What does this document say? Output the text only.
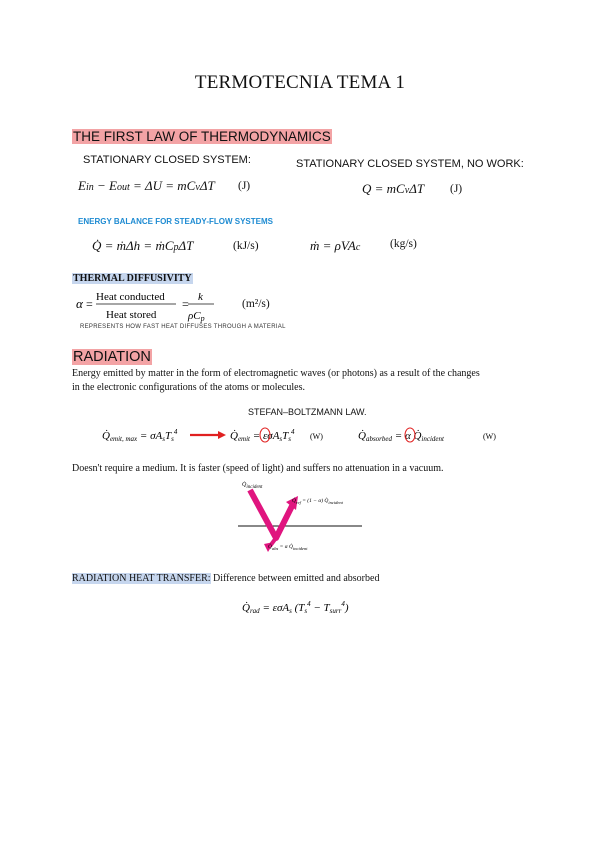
TERMOTECNIA TEMA 1
THE FIRST LAW OF THERMODYNAMICS
STATIONARY CLOSED SYSTEM:	STATIONARY CLOSED SYSTEM, NO WORK:
Ein − Eout = ΔU = mCvΔT (J)	Q = mCvΔT (J)
ENERGY BALANCE FOR STEADY-FLOW SYSTEMS
Q̇ = ṁΔh = ṁCpΔT	(kJ/s)	ṁ = ρVAc	(kg/s)
THERMAL DIFFUSIVITY
α = Heat conducted
Heat stored
= k
ρCp
(m²/s)
REPRESENTS HOW FAST HEAT DIFFUSES THROUGH A MATERIAL
RADIATION
Energy emitted by matter in the form of electromagnetic waves (or photons) as a result of the changes
in the electronic configurations of the atoms or molecules.
STEFAN–BOLTZMANN LAW.
Q̇emit, max = σAsTs$^4$	Q̇emit = εσAsTs$^4$ (W)	Q̇absorbed = α Q̇incident	(W)
Doesn't require a medium. It is faster (speed of light) and suffers no attenuation in a vacuum.
$Q̇_{incident}$
$Q̇_{ref} = (1 - \alpha)$ $Q̇_{incident}$
$Q̇_{abs} = \alpha$ $Q̇_{incident}$
RADIATION HEAT TRANSFER: Difference between emitted and absorbed
Q̇rad = εσAs ($Ts^4$ − Tsurr$^4$)
